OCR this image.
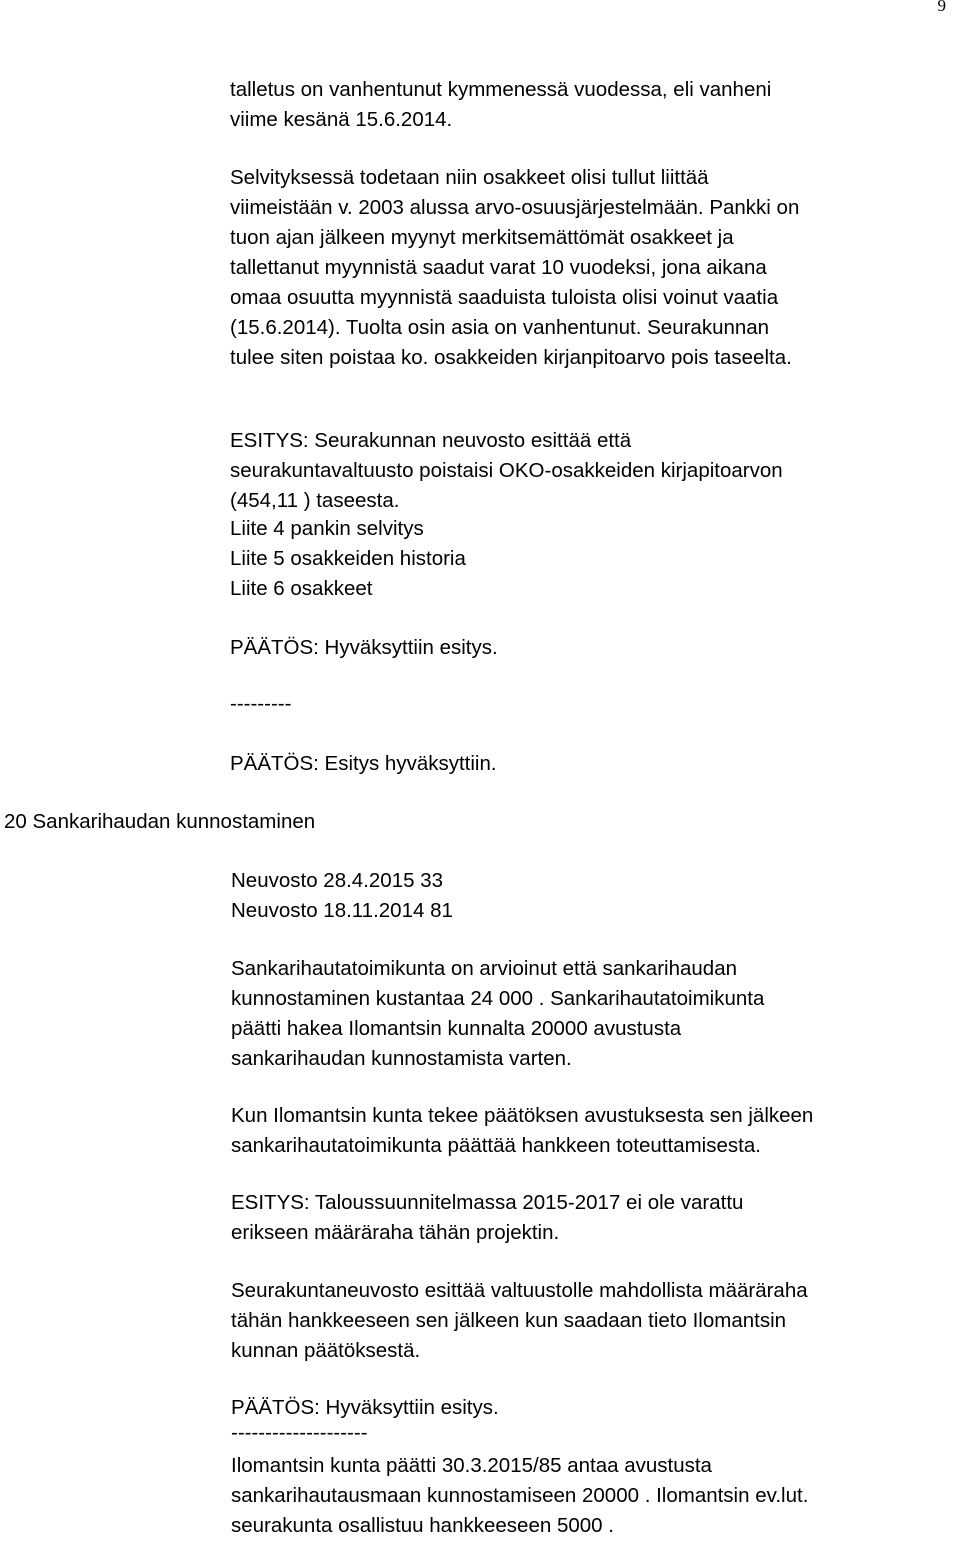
9
talletus on vanhentunut kymmenessä vuodessa, eli vanheni
viime kesänä 15.6.2014.
Selvityksessä todetaan niin osakkeet olisi tullut liittää
viimeistään v. 2003 alussa arvo-osuusjärjestelmään. Pankki on
tuon ajan jälkeen myynyt merkitsemättömät osakkeet ja
tallettanut myynnistä saadut varat 10 vuodeksi, jona aikana
omaa osuutta myynnistä saaduista tuloista olisi voinut vaatia
(15.6.2014). Tuolta osin asia on vanhentunut. Seurakunnan
tulee siten poistaa ko. osakkeiden kirjanpitoarvo pois taseelta.
ESITYS: Seurakunnan neuvosto esittää että
seurakuntavaltuusto poistaisi OKO-osakkeiden kirjapitoarvon
(454,11 ) taseesta.
Liite 4 pankin selvitys
Liite 5 osakkeiden historia
Liite 6 osakkeet
PÄÄTÖS: Hyväksyttiin esitys.
---------
PÄÄTÖS: Esitys hyväksyttiin.
20 Sankarihaudan kunnostaminen
Neuvosto 28.4.2015 33
Neuvosto 18.11.2014 81
Sankarihautatoimikunta on arvioinut että sankarihaudan
kunnostaminen kustantaa 24 000 . Sankarihautatoimikunta
päätti hakea Ilomantsin kunnalta 20000 avustusta
sankarihaudan kunnostamista varten.
Kun Ilomantsin kunta tekee päätöksen avustuksesta sen jälkeen
sankarihautatoimikunta päättää hankkeen toteuttamisesta.
ESITYS: Taloussuunnitelmassa 2015-2017 ei ole varattu
erikseen määräraha tähän projektin.
Seurakuntaneuvosto esittää valtuustolle mahdollista määräraha
tähän hankkeeseen sen jälkeen kun saadaan tieto Ilomantsin
kunnan päätöksestä.
PÄÄTÖS: Hyväksyttiin esitys.
--------------------
Ilomantsin kunta päätti 30.3.2015/85 antaa avustusta
sankarihautausmaan kunnostamiseen 20000 . Ilomantsin ev.lut.
seurakunta osallistuu hankkeeseen 5000 .
